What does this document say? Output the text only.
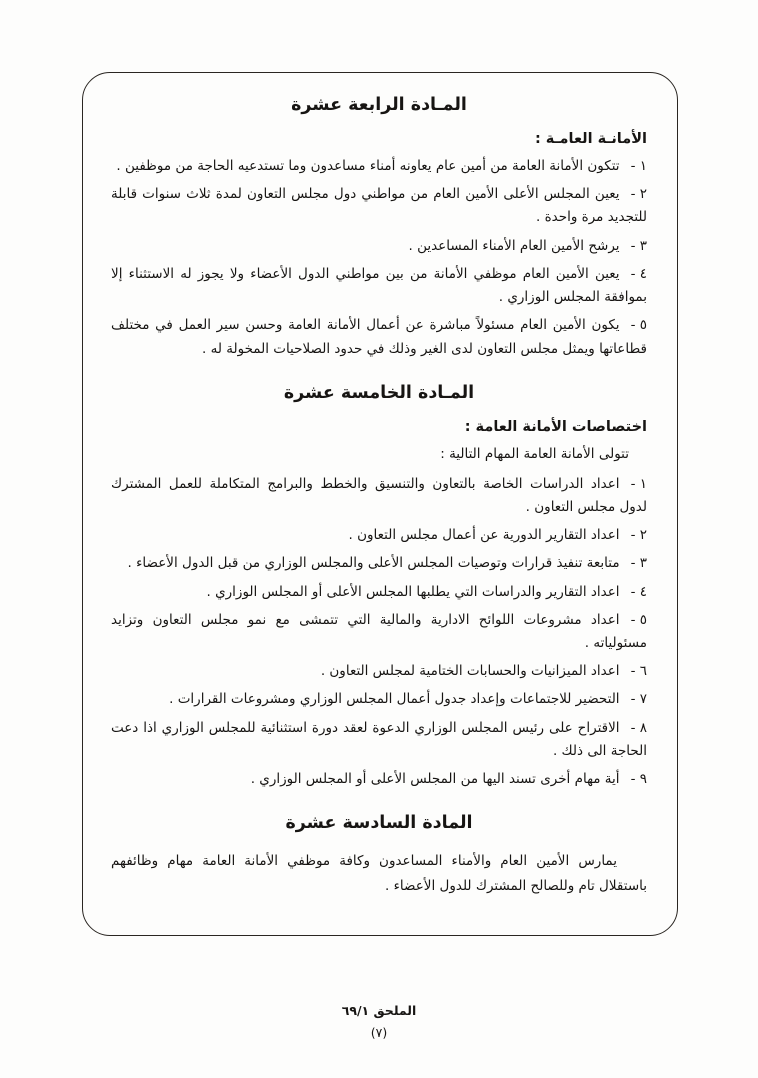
المـادة الرابعة عشرة
الأمانـة العامـة :

١ -تتكون الأمانة العامة من أمين عام يعاونه أمناء مساعدون وما تستدعيه الحاجة من موظفين .

٢ -يعين المجلس الأعلى الأمين العام من مواطني دول مجلس التعاون لمدة ثلاث سنوات قابلة للتجديد مرة واحدة .

٣ -يرشح الأمين العام الأمناء المساعدين .

٤ -يعين الأمين العام موظفي الأمانة من بين مواطني الدول الأعضاء ولا يجوز له الاستثناء إلا بموافقة المجلس الوزاري .

٥ -يكون الأمين العام مسئولاً مباشرة عن أعمال الأمانة العامة وحسن سير العمل في مختلف قطاعاتها ويمثل مجلس التعاون لدى الغير وذلك في حدود الصلاحيات المخولة له .

المـادة الخامسة عشرة
اختصاصات الأمانة العامة :

تتولى الأمانة العامة المهام التالية :

١ -اعداد الدراسات الخاصة بالتعاون والتنسيق والخطط والبرامج المتكاملة للعمل المشترك لدول مجلس التعاون .

٢ -اعداد التقارير الدورية عن أعمال مجلس التعاون .

٣ -متابعة تنفيذ قرارات وتوصيات المجلس الأعلى والمجلس الوزاري من قبل الدول الأعضاء .

٤ -اعداد التقارير والدراسات التي يطلبها المجلس الأعلى أو المجلس الوزاري .

٥ -اعداد مشروعات اللوائح الادارية والمالية التي تتمشى مع نمو مجلس التعاون وتزايد مسئولياته .

٦ -اعداد الميزانيات والحسابات الختامية لمجلس التعاون .

٧ -التحضير للاجتماعات وإعداد جدول أعمال المجلس الوزاري ومشروعات القرارات .

٨ -الاقتراح على رئيس المجلس الوزاري الدعوة لعقد دورة استثنائية للمجلس الوزاري اذا دعت الحاجة الى ذلك .

٩ -أية مهام أخرى تسند اليها من المجلس الأعلى أو المجلس الوزاري .

المادة السادسة عشرة

يمارس الأمين العام والأمناء المساعدون وكافة موظفي الأمانة العامة مهام وظائفهم باستقلال تام وللصالح المشترك للدول الأعضاء .

الملحق ٦٩/١
(٧)
